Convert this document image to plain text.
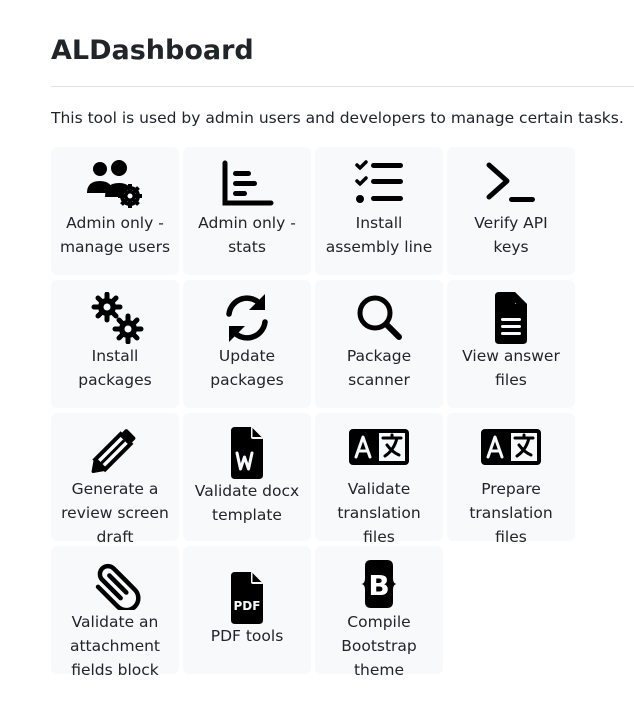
ALDashboard

This tool is used by admin users and developers to manage certain tasks.

Admin only -
manage users
Admin only -
stats
Install
assembly line
Verify API
keys
Install
packages
Update
packages
Package
scanner
View answer
files
Generate a
review screen
draft
Validate docx
template
Validate
translation
files
Prepare
translation
files
Validate an
attachment
fields block
PDF
PDF tools
B
Compile
Bootstrap
theme
